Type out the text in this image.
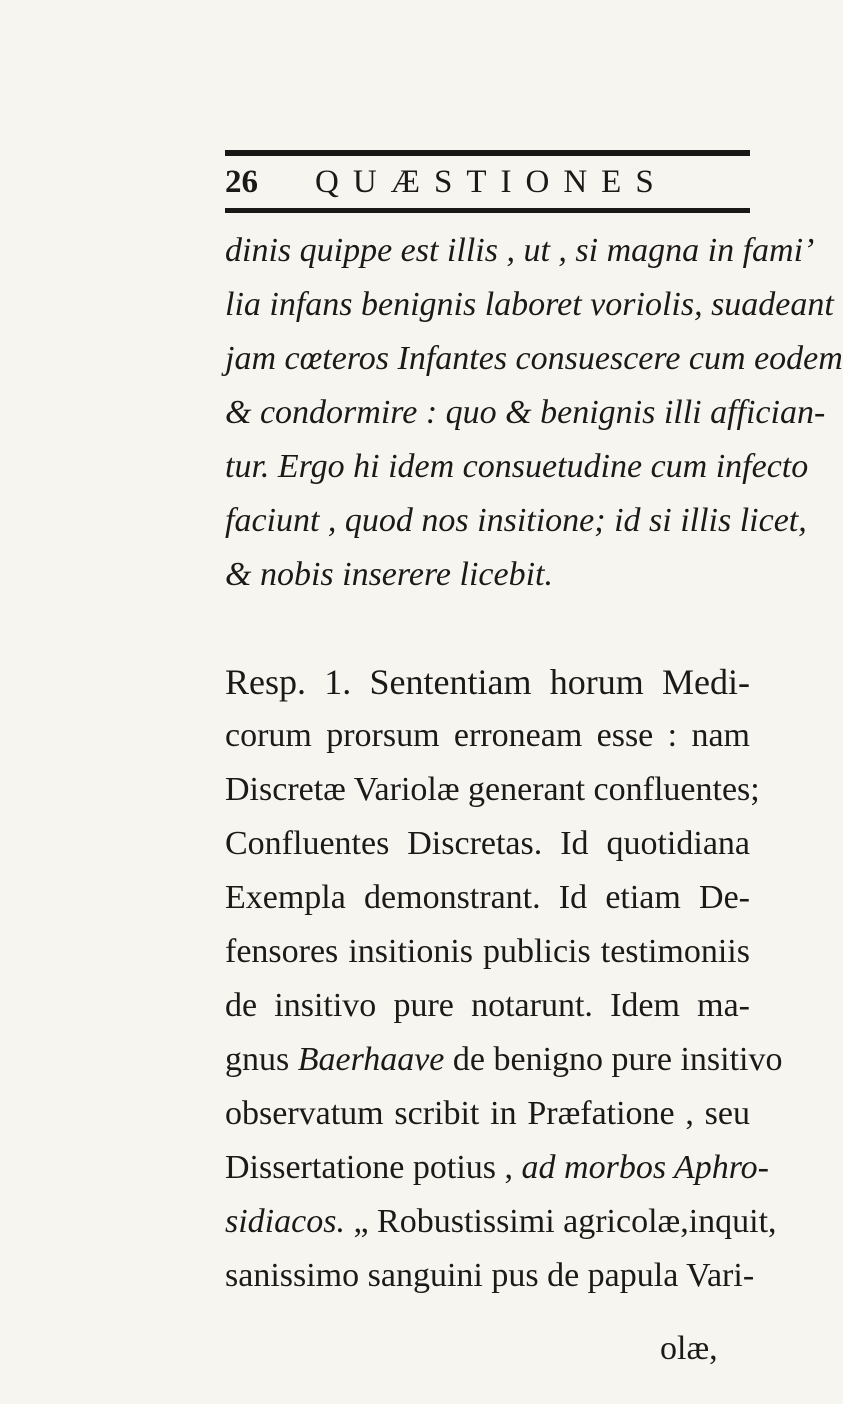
26 QUÆSTIONES
dinis quippe est illis , ut , si magna in fami’
lia infans benignis laboret voriolis, suadeant
jam cœteros Infantes consuescere cum eodem
& condormire : quo & benignis illi affician-
tur. Ergo hi idem consuetudine cum infecto
faciunt , quod nos insitione; id si illis licet,
& nobis inserere licebit.
Resp. 1. Sententiam horum Medi-
corum prorsum erroneam esse : nam
Discretæ Variolæ generant confluentes;
Confluentes Discretas. Id quotidiana
Exempla demonstrant. Id etiam De-
fensores insitionis publicis testimoniis
de insitivo pure notarunt. Idem ma-
gnus Baerhaave de benigno pure insitivo
observatum scribit in Præfatione , seu
Dissertatione potius , ad morbos Aphro-
sidiacos. „ Robustissimi agricolæ,inquit,
sanissimo sanguini pus de papula Vari-
olæ,
